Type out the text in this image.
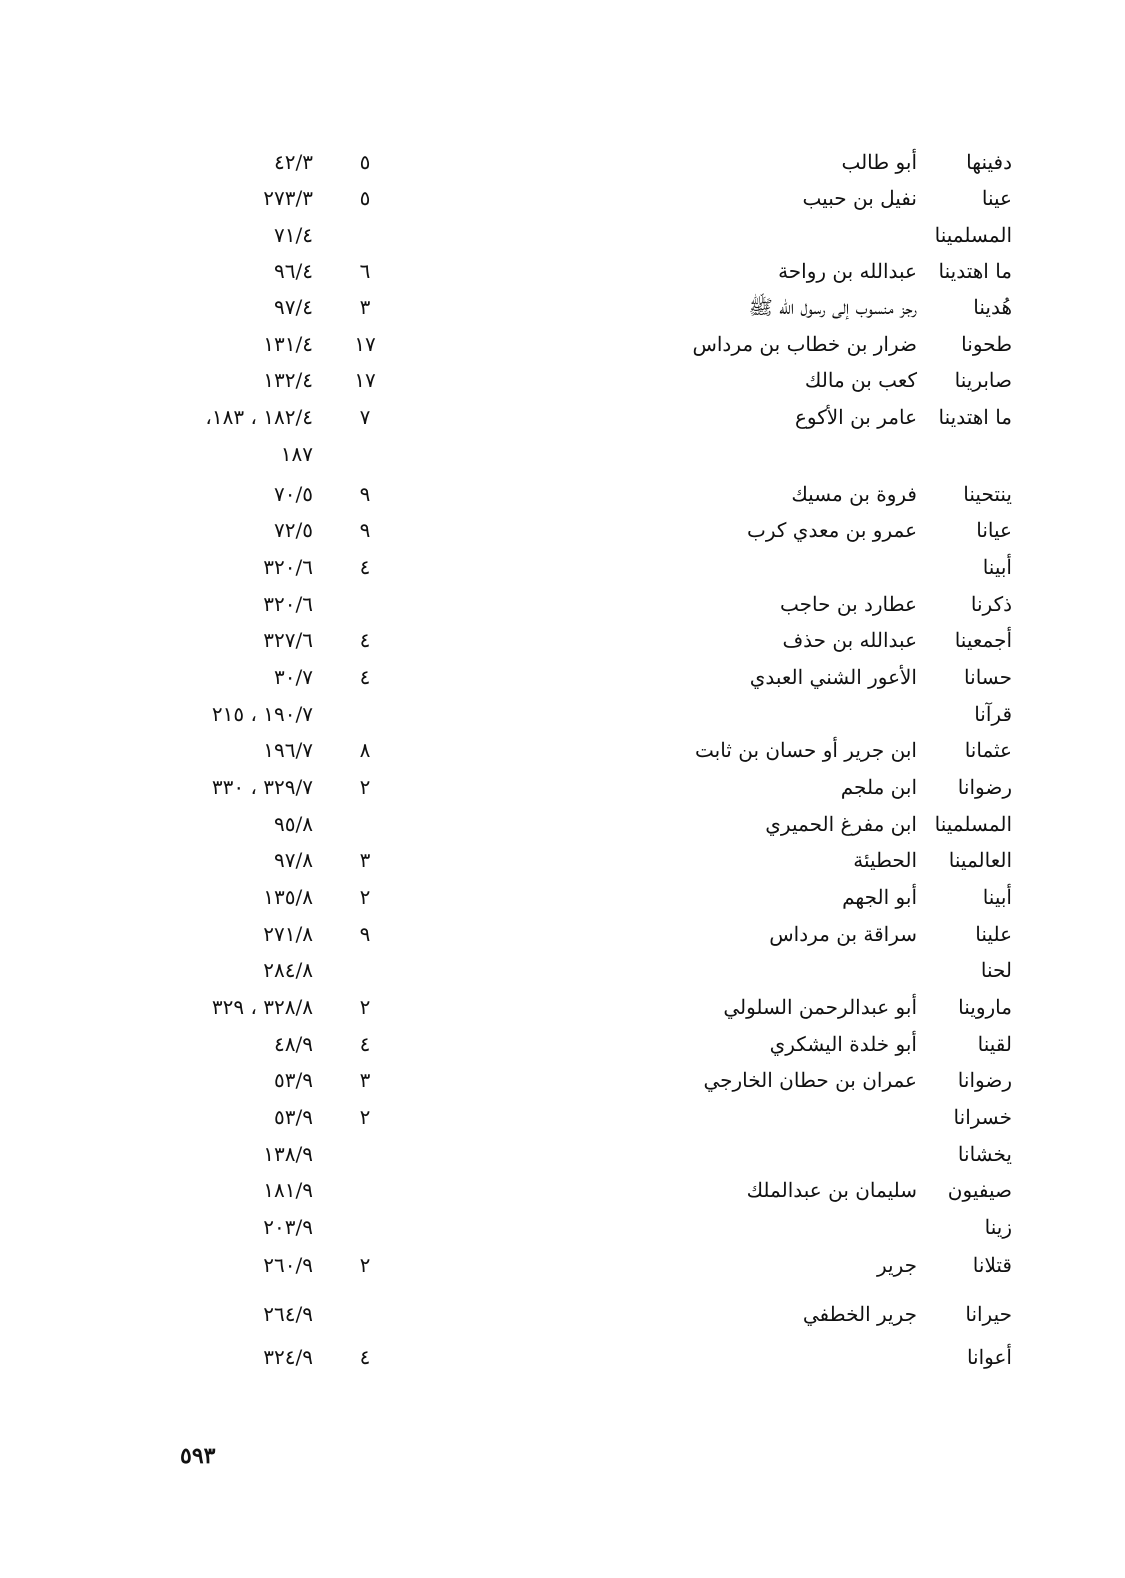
دفينها
أبو طالب
٥
٤٢/٣
عينا
نفيل بن حبيب
٥
٢٧٣/٣
المسلمينا
٧١/٤
ما اهتدينا
عبدالله بن رواحة
٦
٩٦/٤
هُدينا
رجز منسوب إلى رسول الله ﷺ
٣
٩٧/٤
طحونا
ضرار بن خطاب بن مرداس
١٧
١٣١/٤
صابرينا
كعب بن مالك
١٧
١٣٢/٤
ما اهتدينا
عامر بن الأكوع
٧
١٨٢/٤ ، ١٨٣،
١٨٧
ينتحينا
فروة بن مسيك
٩
٧٠/٥
عيانا
عمرو بن معدي كرب
٩
٧٢/٥
أبينا
٤
٣٢٠/٦
ذكرنا
عطارد بن حاجب
٣٢٠/٦
أجمعينا
عبدالله بن حذف
٤
٣٢٧/٦
حسانا
الأعور الشني العبدي
٤
٣٠/٧
قرآنا
١٩٠/٧ ، ٢١٥
عثمانا
ابن جرير أو حسان بن ثابت
٨
١٩٦/٧
رضوانا
ابن ملجم
٢
٣٢٩/٧ ، ٣٣٠
المسلمينا
ابن مفرغ الحميري
٩٥/٨
العالمينا
الحطيئة
٣
٩٧/٨
أبينا
أبو الجهم
٢
١٣٥/٨
علينا
سراقة بن مرداس
٩
٢٧١/٨
لحنا
٢٨٤/٨
ماروينا
أبو عبدالرحمن السلولي
٢
٣٢٨/٨ ، ٣٢٩
لقينا
أبو خلدة اليشكري
٤
٤٨/٩
رضوانا
عمران بن حطان الخارجي
٣
٥٣/٩
خسرانا
٢
٥٣/٩
يخشانا
١٣٨/٩
صيفيون
سليمان بن عبدالملك
١٨١/٩
زينا
٢٠٣/٩
قتلانا
جرير
٢
٢٦٠/٩
حيرانا
جرير الخطفي
٢٦٤/٩
أعوانا
٤
٣٢٤/٩
٥٩٣
